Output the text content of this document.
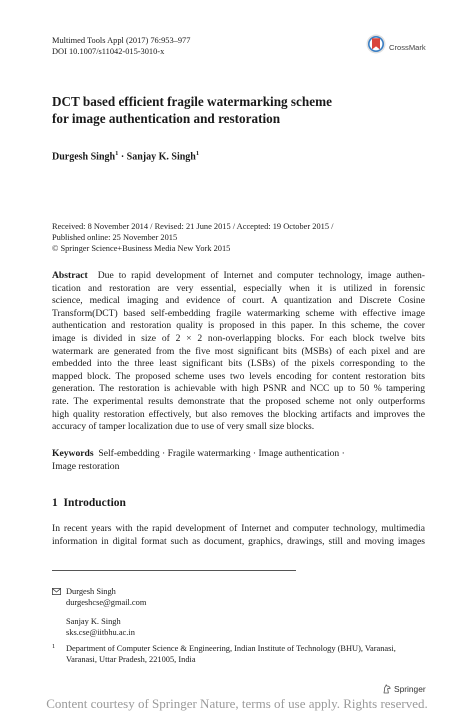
Multimed Tools Appl (2017) 76:953–977
DOI 10.1007/s11042-015-3010-x	CrossMark
DCT based efficient fragile watermarking scheme
for image authentication and restoration
Durgesh Singh$^1$ · Sanjay K. Singh$^1$
Received: 8 November 2014 / Revised: 21 June 2015 / Accepted: 19 October 2015 /
Published online: 25 November 2015
© Springer Science+Business Media New York 2015
Abstract Due to rapid development of Internet and computer technology, image authen-
tication and restoration are very essential, especially when it is utilized in forensic
science, medical imaging and evidence of court. A quantization and Discrete Cosine
Transform(DCT) based self-embedding fragile watermarking scheme with effective image
authentication and restoration quality is proposed in this paper. In this scheme, the cover
image is divided in size of 2 × 2 non-overlapping blocks. For each block twelve bits
watermark are generated from the five most significant bits (MSBs) of each pixel and are
embedded into the three least significant bits (LSBs) of the pixels corresponding to the
mapped block. The proposed scheme uses two levels encoding for content restoration bits
generation. The restoration is achievable with high PSNR and NCC up to 50 % tampering
rate. The experimental results demonstrate that the proposed scheme not only outperforms
high quality restoration effectively, but also removes the blocking artifacts and improves the
accuracy of tamper localization due to use of very small size blocks.
Keywords Self-embedding · Fragile watermarking · Image authentication ·
Image restoration
1 Introduction
In recent years with the rapid development of Internet and computer technology, multimedia
information in digital format such as document, graphics, drawings, still and moving images
Durgesh Singh
durgeshcse@gmail.com
Sanjay K. Singh
sks.cse@iitbhu.ac.in
1 Department of Computer Science & Engineering, Indian Institute of Technology (BHU), Varanasi,
Varanasi, Uttar Pradesh, 221005, India
Springer
Content courtesy of Springer Nature, terms of use apply. Rights reserved.
